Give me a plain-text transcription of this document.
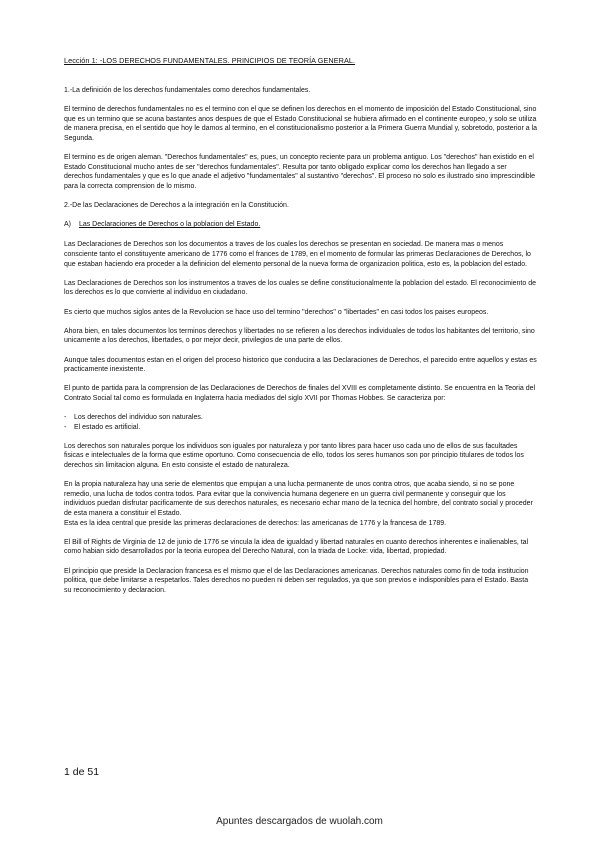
Lección 1: -LOS DERECHOS FUNDAMENTALES. PRINCIPIOS DE TEORÍA GENERAL.

1.-La definición de los derechos fundamentales como derechos fundamentales.

El termino de derechos fundamentales no es el termino con el que se definen los derechos en el momento de imposición del Estado Constitucional, sino que es un termino que se acuna bastantes anos despues de que el Estado Constitucional se hubiera afirmado en el continente europeo, y solo se utiliza de manera precisa, en el sentido que hoy le damos al termino, en el constitucionalismo posterior a la Primera Guerra Mundial y, sobretodo, posterior a la Segunda.

El termino es de origen aleman. "Derechos fundamentales" es, pues, un concepto reciente para un problema antiguo. Los "derechos" han existido en el Estado Constitucional mucho antes de ser "derechos fundamentales". Resulta por tanto obligado explicar como los derechos han llegado a ser derechos fundamentales y que es lo que anade el adjetivo "fundamentales" al sustantivo "derechos". El proceso no solo es ilustrado sino imprescindible para la correcta comprension de lo mismo.

2.-De las Declaraciones de Derechos a la integración en la Constitución.

A) Las Declaraciones de Derechos o la poblacion del Estado.

Las Declaraciones de Derechos son los documentos a traves de los cuales los derechos se presentan en sociedad. De manera mas o menos consciente tanto el constituyente americano de 1776 como el frances de 1789, en el momento de formular las primeras Declaraciones de Derechos, lo que estaban haciendo era proceder a la definicion del elemento personal de la nueva forma de organizacion politica, esto es, la poblacion del estado.

Las Declaraciones de Derechos son los instrumentos a traves de los cuales se define constitucionalmente la poblacion del estado. El reconocimiento de los derechos es lo que convierte al individuo en ciudadano.

Es cierto que muchos siglos antes de la Revolucion se hace uso del termino "derechos" o "libertades" en casi todos los paises europeos.

Ahora bien, en tales documentos los terminos derechos y libertades no se refieren a los derechos individuales de todos los habitantes del territorio, sino unicamente a los derechos, libertades, o por mejor decir, privilegios de una parte de ellos.

Aunque tales documentos estan en el origen del proceso historico que conducira a las Declaraciones de Derechos, el parecido entre aquellos y estas es practicamente inexistente.

El punto de partida para la comprension de las Declaraciones de Derechos de finales del XVIII es completamente distinto. Se encuentra en la Teoria del Contrato Social tal como es formulada en Inglaterra hacia mediados del siglo XVII por Thomas Hobbes. Se caracteriza por:

- Los derechos del individuo son naturales.
- El estado es artificial.

Los derechos son naturales porque los individuos son iguales por naturaleza y por tanto libres para hacer uso cada uno de ellos de sus facultades fisicas e intelectuales de la forma que estime oportuno. Como consecuencia de ello, todos los seres humanos son por principio titulares de todos los derechos sin limitacion alguna. En esto consiste el estado de naturaleza.

En la propia naturaleza hay una serie de elementos que empujan a una lucha permanente de unos contra otros, que acaba siendo, si no se pone remedio, una lucha de todos contra todos. Para evitar que la convivencia humana degenere en un guerra civil permanente y conseguir que los individuos puedan disfrutar pacificamente de sus derechos naturales, es necesario echar mano de la tecnica del hombre, del contrato social y proceder de esta manera a constituir el Estado.

Esta es la idea central que preside las primeras declaraciones de derechos: las americanas de 1776 y la francesa de 1789.

El Bill of Rights de Virginia de 12 de junio de 1776 se vincula la idea de igualdad y libertad naturales en cuanto derechos inherentes e inalienables, tal como habian sido desarrollados por la teoria europea del Derecho Natural, con la triada de Locke: vida, libertad, propiedad.

El principio que preside la Declaracion francesa es el mismo que el de las Declaraciones americanas. Derechos naturales como fin de toda institucion politica, que debe limitarse a respetarlos. Tales derechos no pueden ni deben ser regulados, ya que son previos e indisponibles para el Estado. Basta su reconocimiento y declaracion.

1 de 51
Apuntes descargados de wuolah.com
